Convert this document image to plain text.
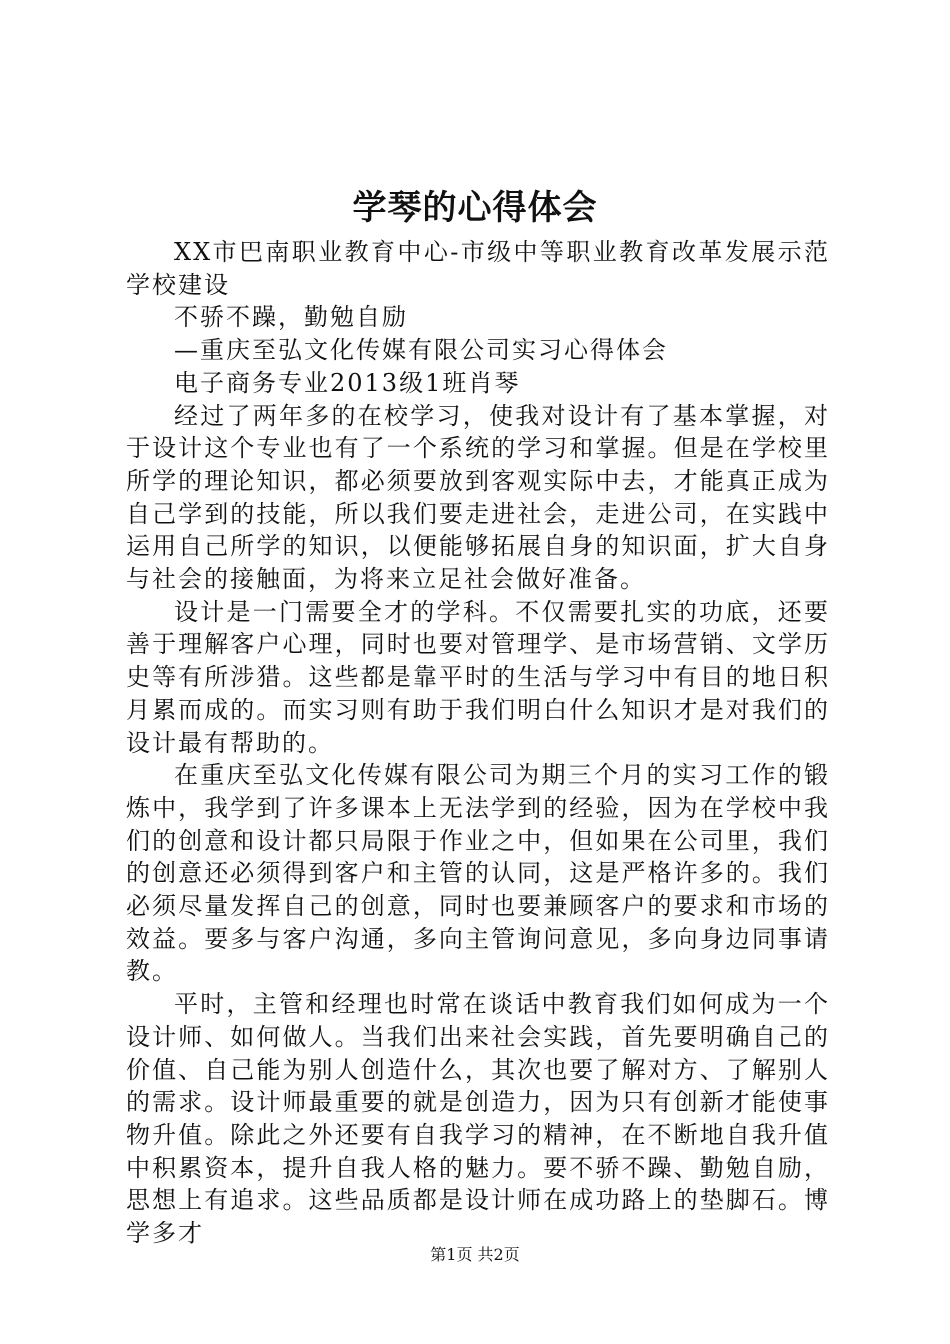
学琴的心得体会

XX市巴南职业教育中心-市级中等职业教育改革发展示范学校建设

不骄不躁，勤勉自励

—重庆至弘文化传媒有限公司实习心得体会

电子商务专业2013级1班肖琴

经过了两年多的在校学习，使我对设计有了基本掌握，对于设计这个专业也有了一个系统的学习和掌握。但是在学校里所学的理论知识，都必须要放到客观实际中去，才能真正成为自己学到的技能，所以我们要走进社会，走进公司，在实践中运用自己所学的知识，以便能够拓展自身的知识面，扩大自身与社会的接触面，为将来立足社会做好准备。

设计是一门需要全才的学科。不仅需要扎实的功底，还要善于理解客户心理，同时也要对管理学、是市场营销、文学历史等有所涉猎。这些都是靠平时的生活与学习中有目的地日积月累而成的。而实习则有助于我们明白什么知识才是对我们的设计最有帮助的。

在重庆至弘文化传媒有限公司为期三个月的实习工作的锻炼中，我学到了许多课本上无法学到的经验，因为在学校中我们的创意和设计都只局限于作业之中，但如果在公司里，我们的创意还必须得到客户和主管的认同，这是严格许多的。我们必须尽量发挥自己的创意，同时也要兼顾客户的要求和市场的效益。要多与客户沟通，多向主管询问意见，多向身边同事请教。

平时，主管和经理也时常在谈话中教育我们如何成为一个设计师、如何做人。当我们出来社会实践，首先要明确自己的价值、自己能为别人创造什么，其次也要了解对方、了解别人的需求。设计师最重要的就是创造力，因为只有创新才能使事物升值。除此之外还要有自我学习的精神，在不断地自我升值中积累资本，提升自我人格的魅力。要不骄不躁、勤勉自励，思想上有追求。这些品质都是设计师在成功路上的垫脚石。博学多才

第1页 共2页
